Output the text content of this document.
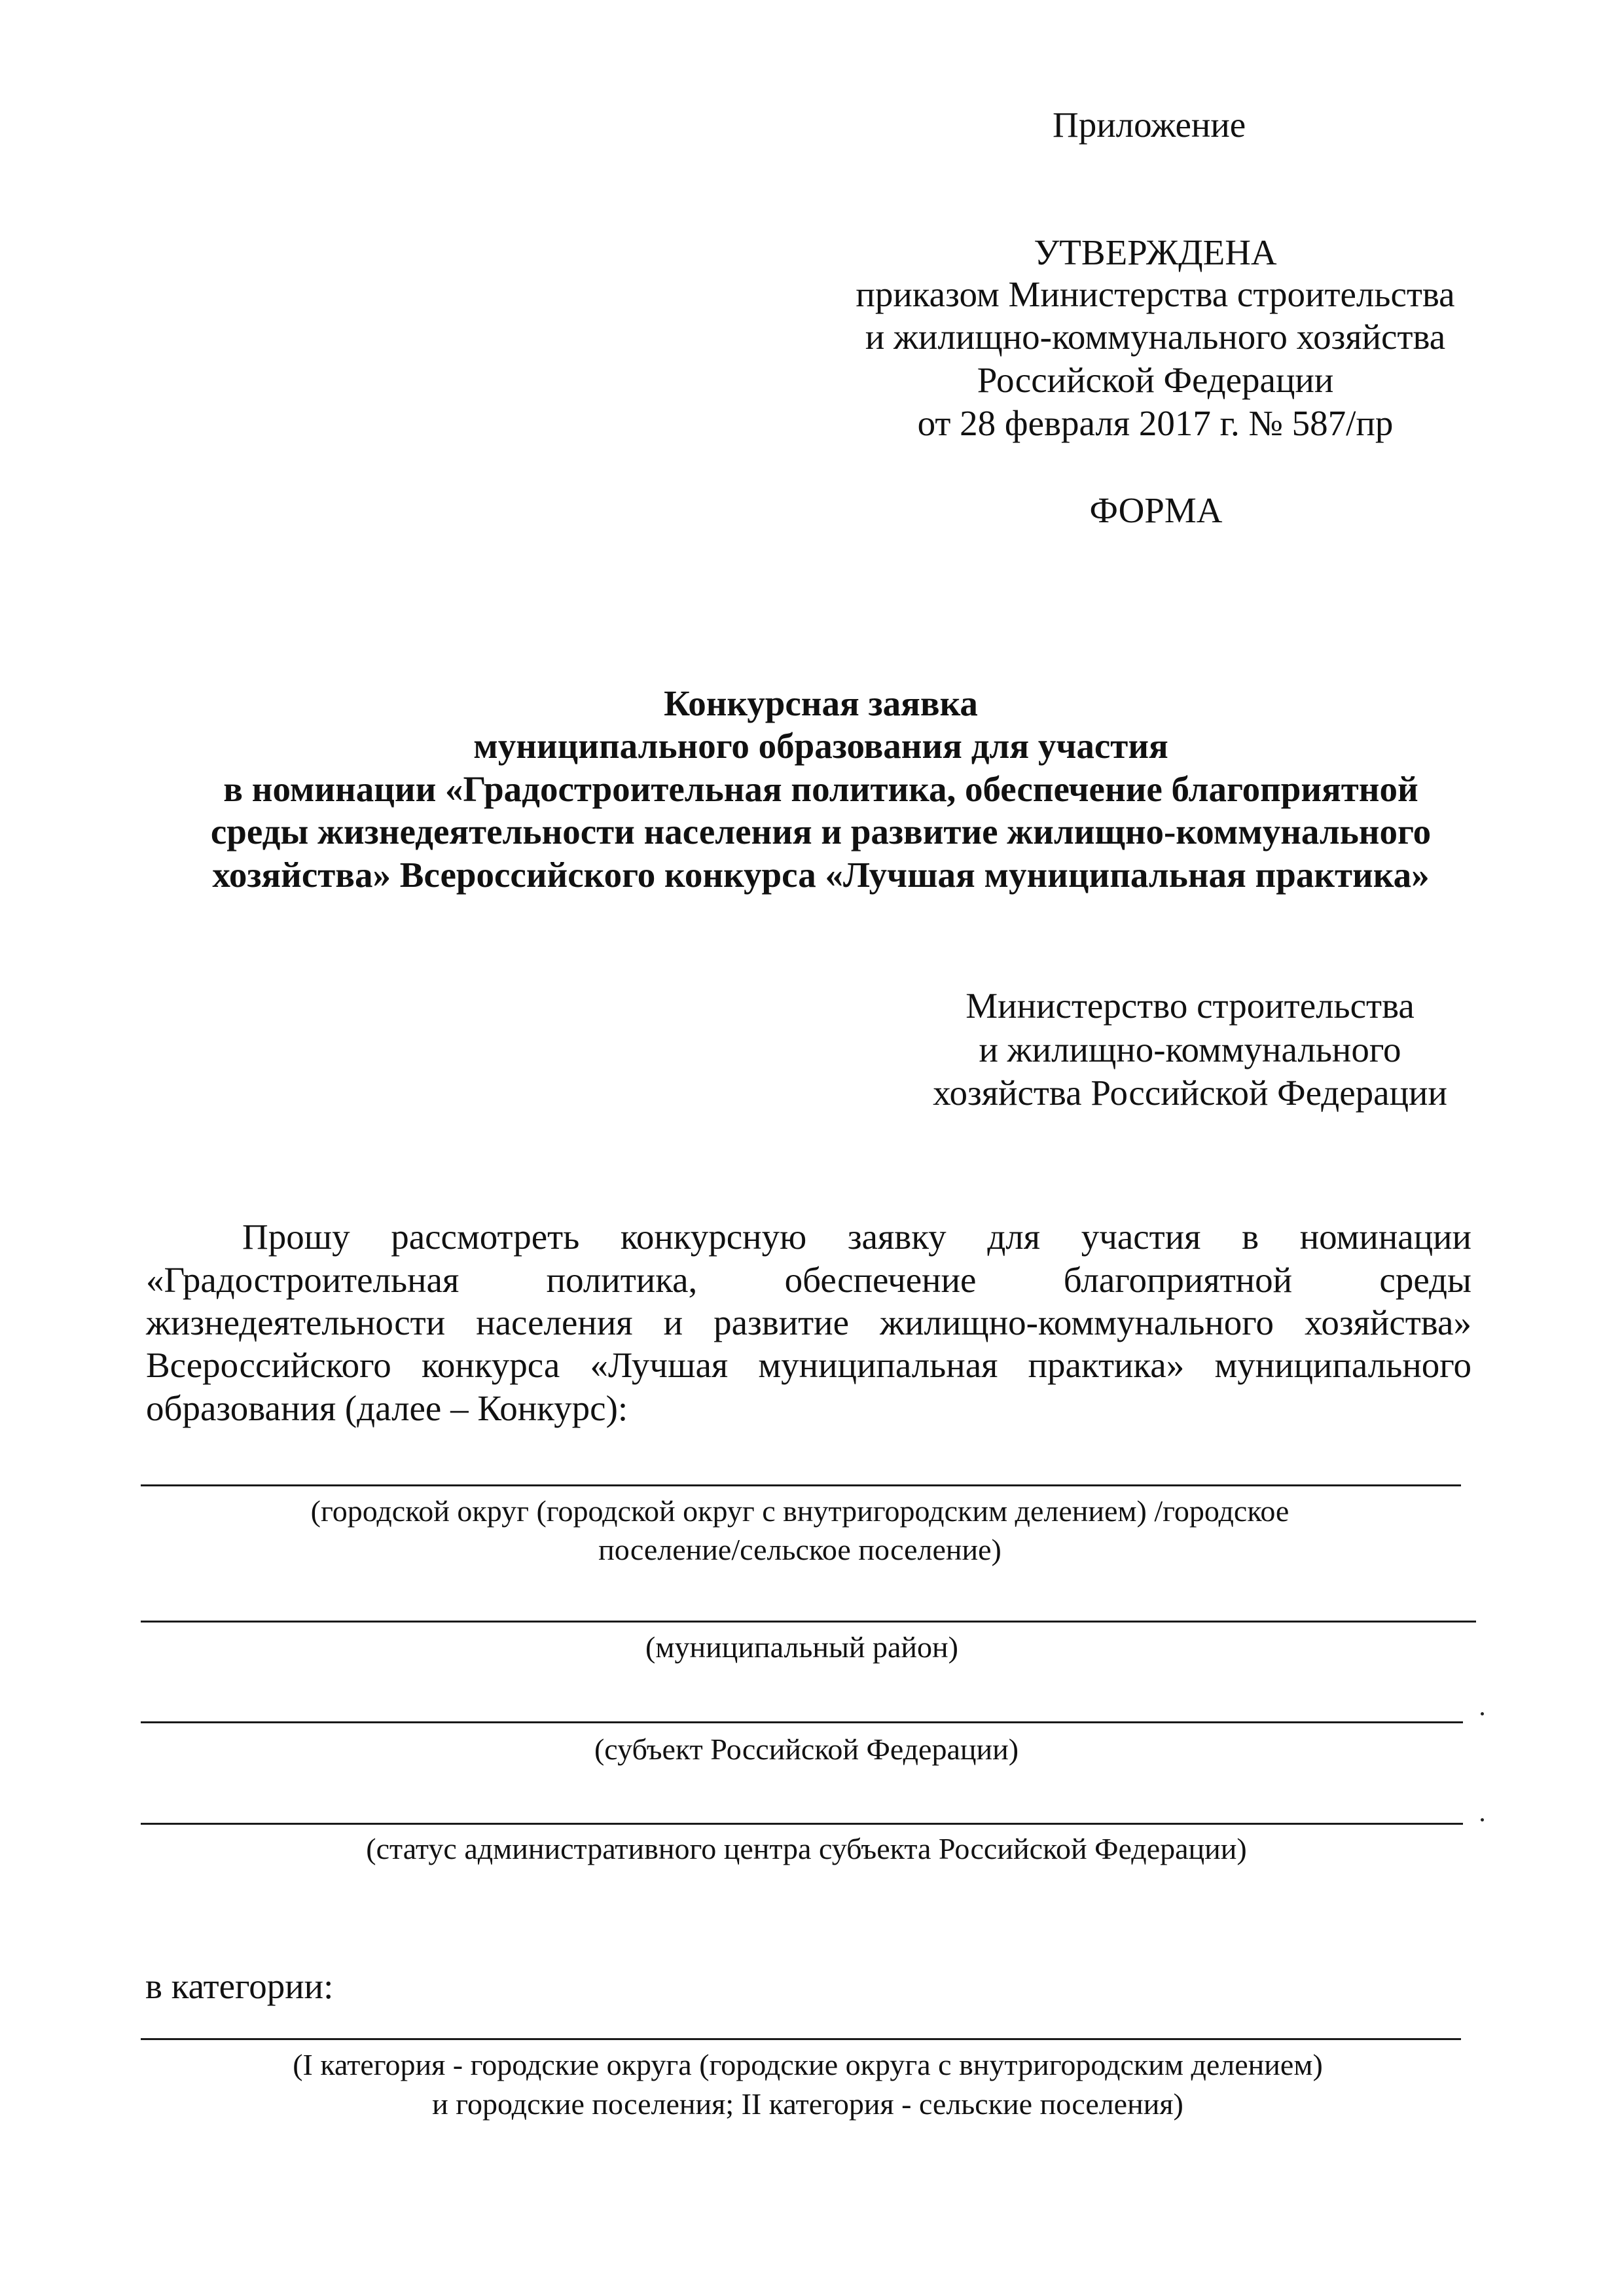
Приложение
УТВЕРЖДЕНА
приказом Министерства строительства
и жилищно-коммунального хозяйства
Российской Федерации
от 28 февраля 2017 г. № 587/пр
ФОРМА
Конкурсная заявка
муниципального образования для участия
в номинации «Градостроительная политика, обеспечение благоприятной
среды жизнедеятельности населения и развитие жилищно-коммунального
хозяйства» Всероссийского конкурса «Лучшая муниципальная практика»
Министерство строительства
и жилищно-коммунального
хозяйства Российской Федерации
Прошу рассмотреть конкурсную заявку для участия в номинации
«Градостроительная политика, обеспечение благоприятной среды
жизнедеятельности населения и развитие жилищно-коммунального хозяйства»
Всероссийского конкурса «Лучшая муниципальная практика» муниципального
образования (далее – Конкурс):
(городской округ (городской округ с внутригородским делением) /городское
поселение/сельское поселение)
(муниципальный район)
(субъект Российской Федерации)
(статус административного центра субъекта Российской Федерации)
в категории:
(I категория - городские округа (городские округа с внутригородским делением)
и городские поселения; II категория - сельские поселения)
